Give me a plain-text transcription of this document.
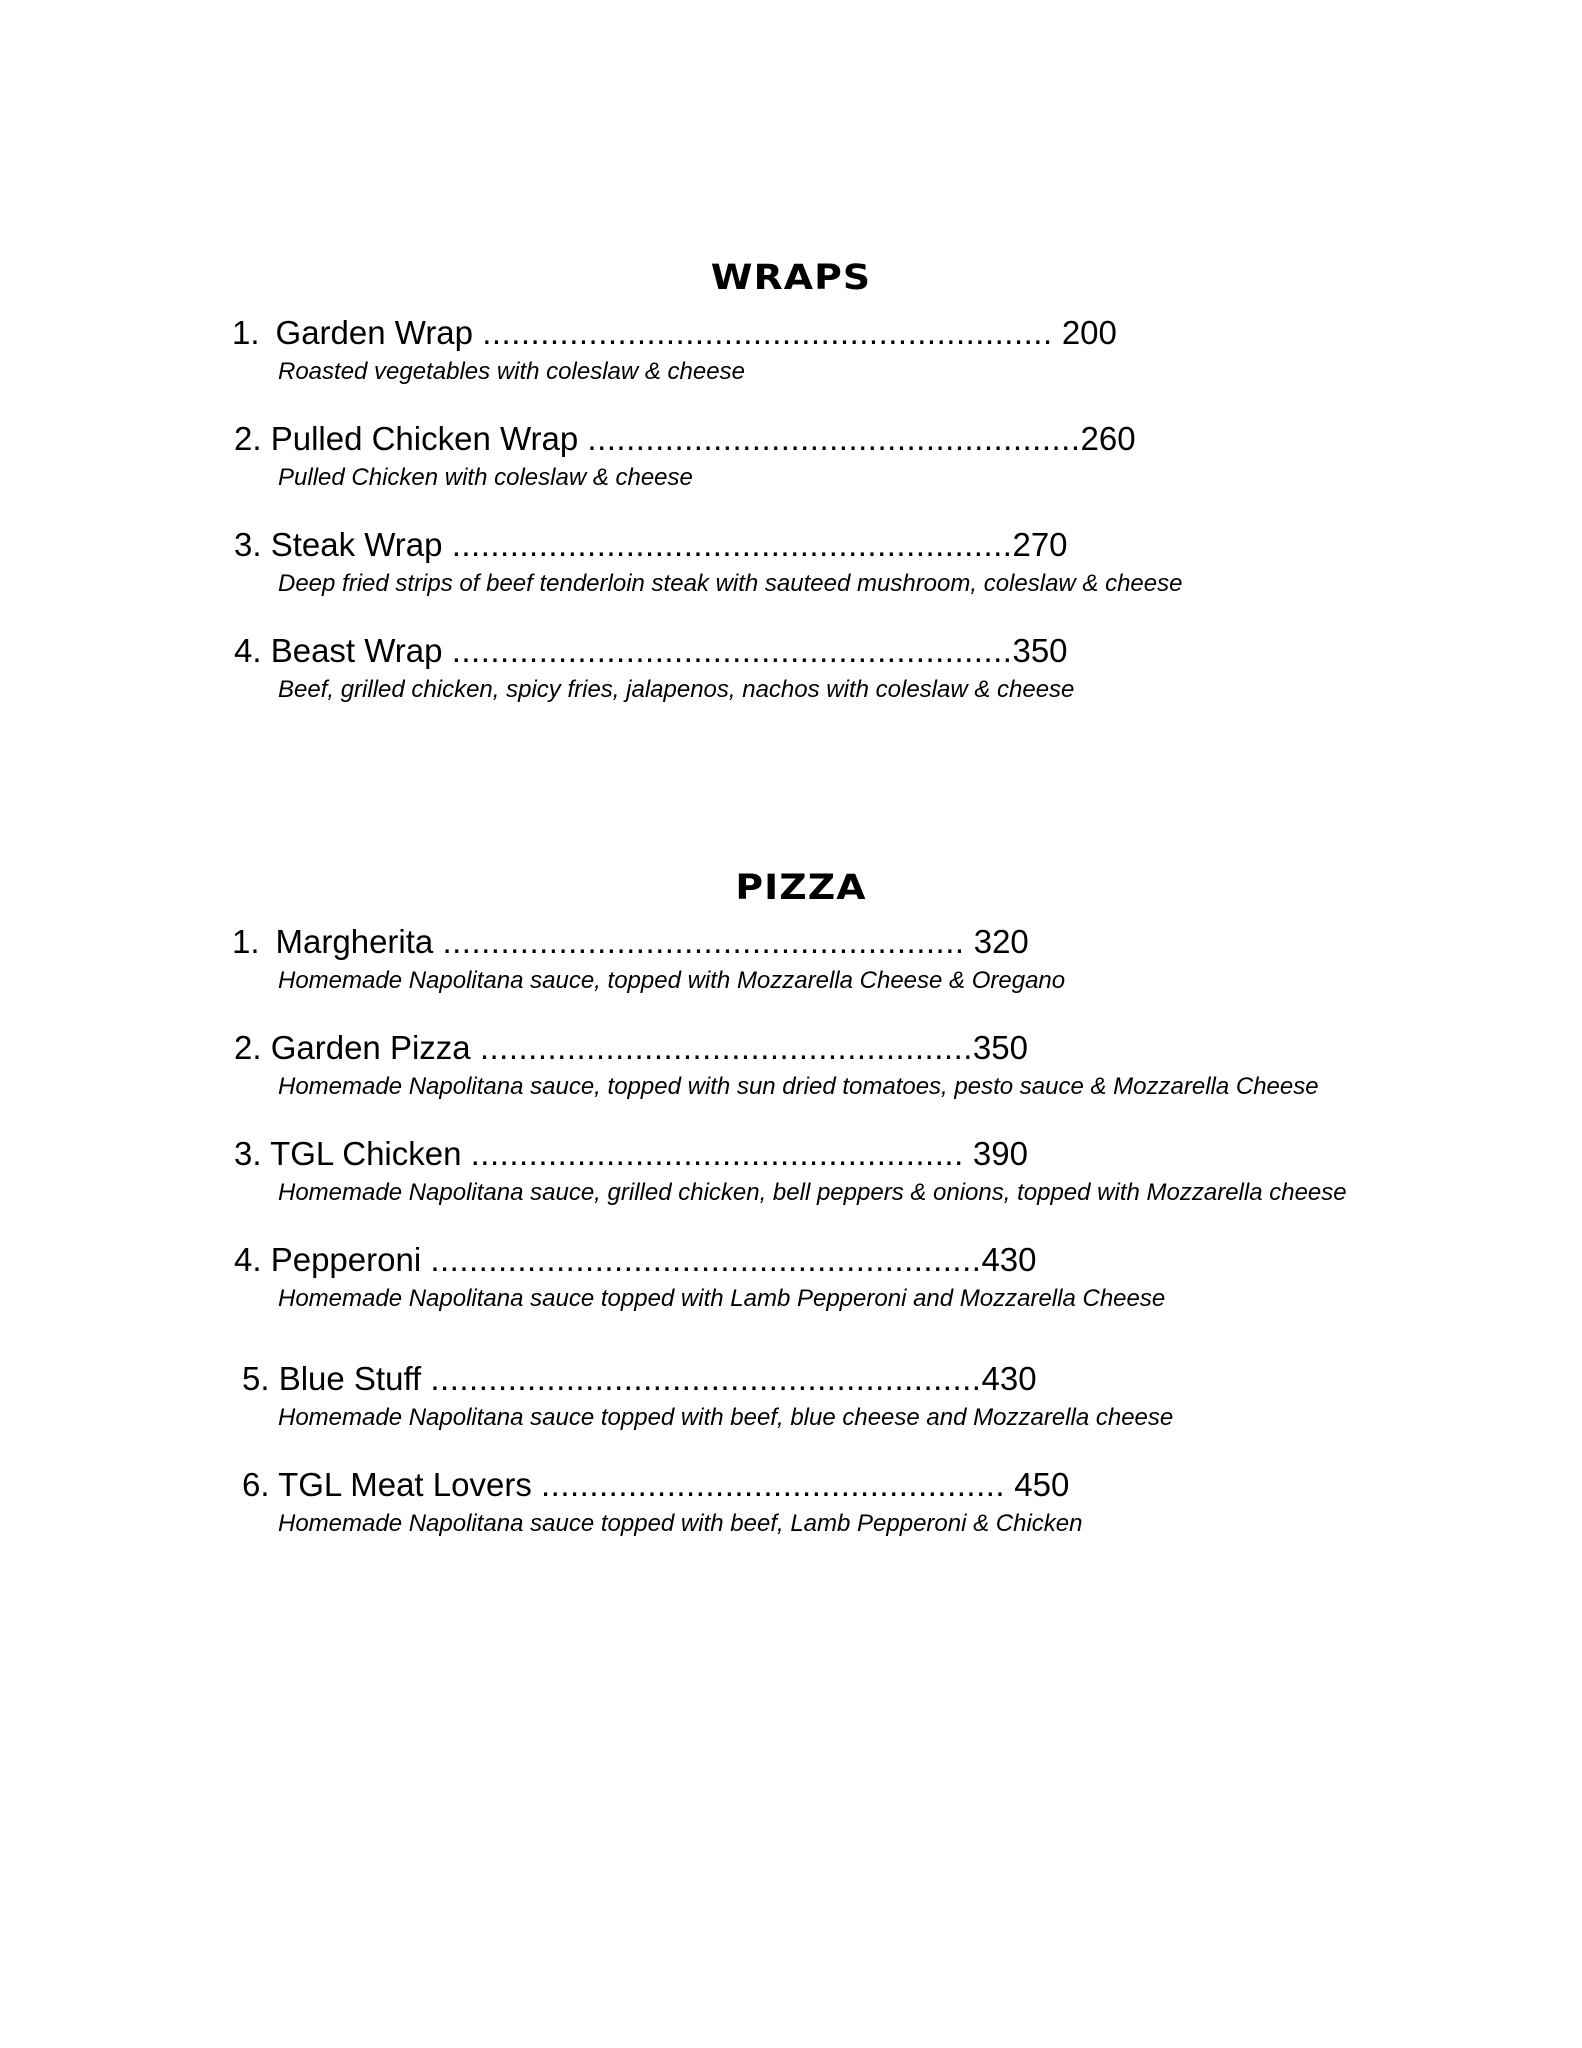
WRAPS
1. Garden Wrap ........................................................... 200
Roasted vegetables with coleslaw & cheese
2. Pulled Chicken Wrap ...................................................260
Pulled Chicken with coleslaw & cheese
3. Steak Wrap ..........................................................270
Deep fried strips of beef tenderloin steak with sauteed mushroom, coleslaw & cheese
4. Beast Wrap ..........................................................350
Beef, grilled chicken, spicy fries, jalapenos, nachos with coleslaw & cheese
PIZZA
1. Margherita ...................................................... 320
Homemade Napolitana sauce, topped with Mozzarella Cheese & Oregano
2. Garden Pizza ...................................................350
Homemade Napolitana sauce, topped with sun dried tomatoes, pesto sauce & Mozzarella Cheese
3. TGL Chicken ................................................... 390
Homemade Napolitana sauce, grilled chicken, bell peppers & onions, topped with Mozzarella cheese
4. Pepperoni .........................................................430
Homemade Napolitana sauce topped with Lamb Pepperoni and Mozzarella Cheese
5. Blue Stuff .........................................................430
Homemade Napolitana sauce topped with beef, blue cheese and Mozzarella cheese
6. TGL Meat Lovers ................................................ 450
Homemade Napolitana sauce topped with beef, Lamb Pepperoni & Chicken
